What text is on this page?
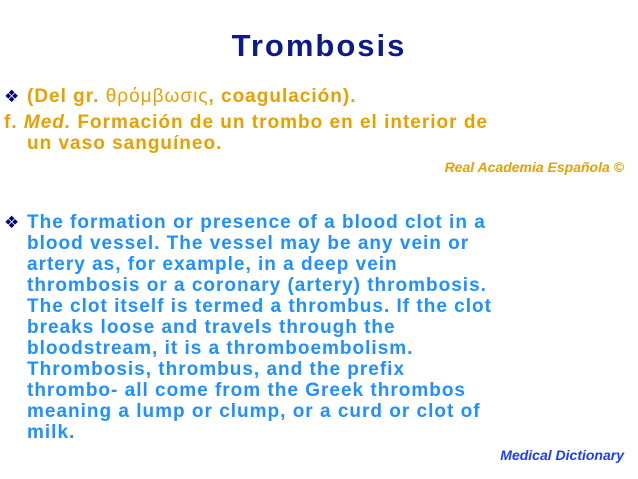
Trombosis
❖ (Del gr. θρόμβωσις, coagulación).
f. Med. Formación de un trombo en el interior de
un vaso sanguíneo.
Real Academia Española ©
❖ The formation or presence of a blood clot in a
blood vessel. The vessel may be any vein or
artery as, for example, in a deep vein
thrombosis or a coronary (artery) thrombosis.
The clot itself is termed a thrombus. If the clot
breaks loose and travels through the
bloodstream, it is a thromboembolism.
Thrombosis, thrombus, and the prefix
thrombo- all come from the Greek thrombos
meaning a lump or clump, or a curd or clot of
milk.
Medical Dictionary
